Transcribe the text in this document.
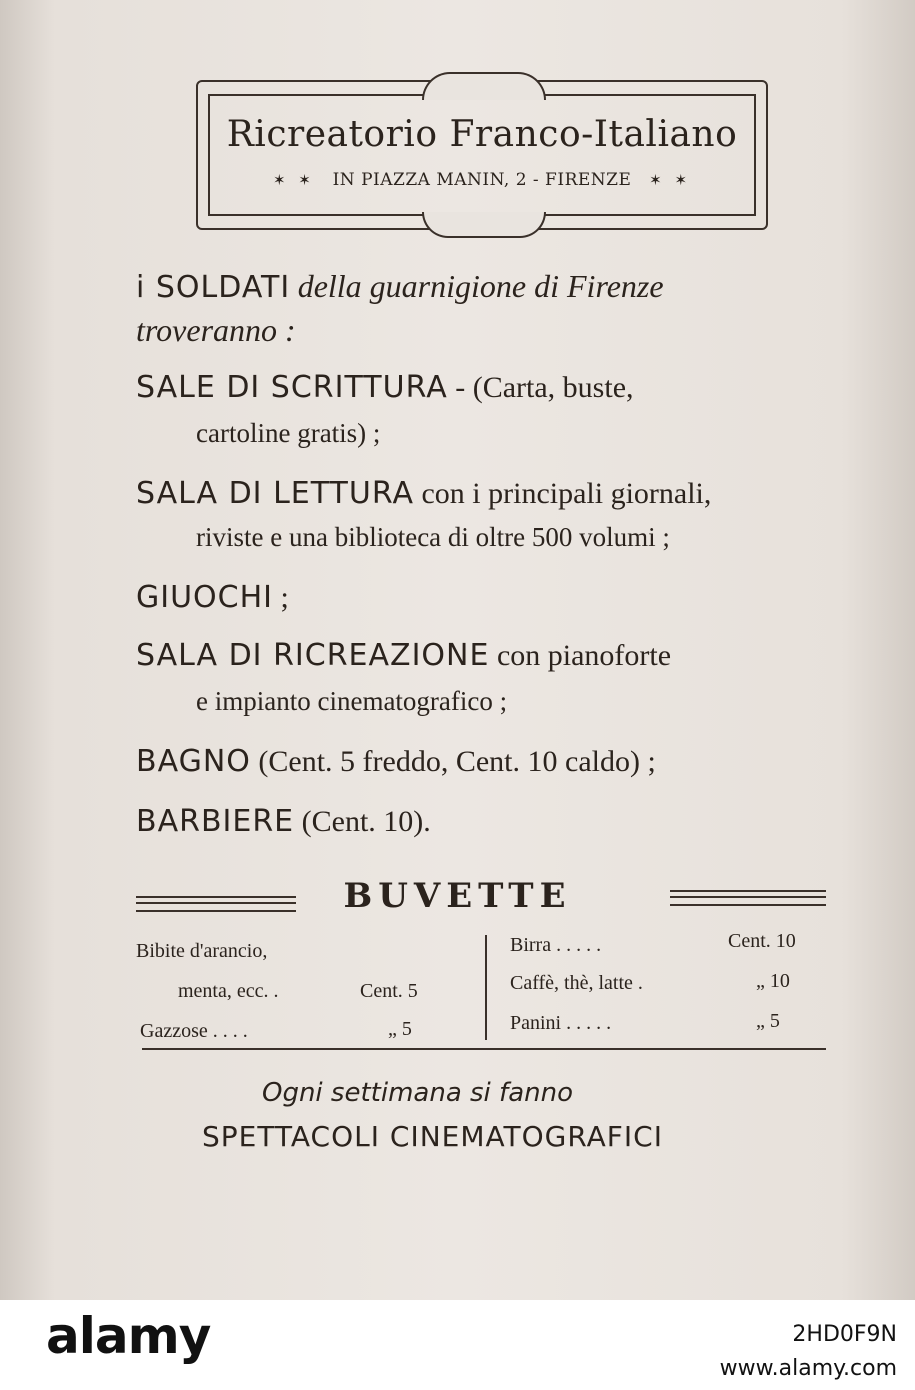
Ricreatorio Franco-Italiano
✶ ✶ IN PIAZZA MANIN, 2 - FIRENZE ✶ ✶
i SOLDATI della guarnigione di Firenze
troveranno :
SALE DI SCRITTURA - (Carta, buste,
cartoline gratis) ;
SALA DI LETTURA con i principali giornali,
riviste e una biblioteca di oltre 500 volumi ;
GIUOCHI ;
SALA DI RICREAZIONE con pianoforte
e impianto cinematografico ;
BAGNO (Cent. 5 freddo, Cent. 10 caldo) ;
BARBIERE (Cent. 10).
BUVETTE
Bibite d'arancio,
menta, ecc. .	Cent. 5
Gazzose . . . .	„ 5
Birra . . . . .	Cent. 10
Caffè, thè, latte .	„ 10
Panini . . . . .	„ 5
Ogni settimana si fanno
SPETTACOLI CINEMATOGRAFICI
alamy	2HD0F9N
www.alamy.com
